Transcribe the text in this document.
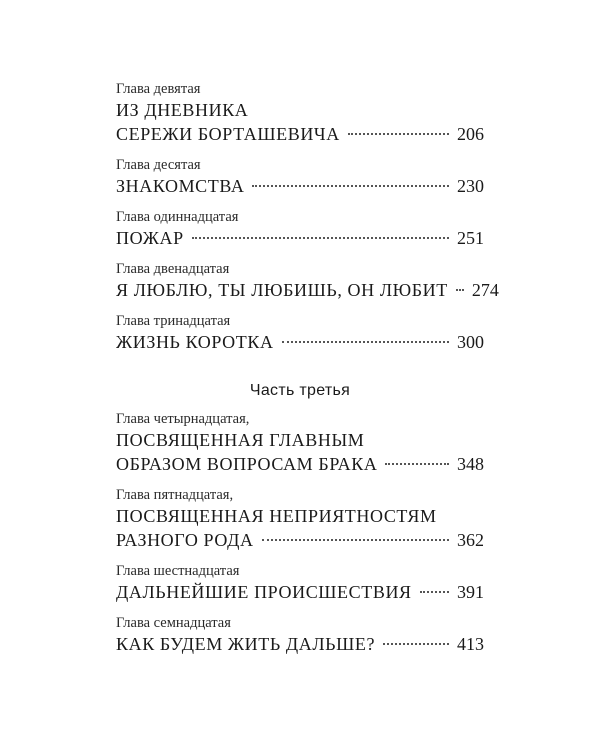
Глава девятая
ИЗ ДНЕВНИКА
СЕРЕЖИ БОРТАШЕВИЧА	206
Глава десятая
ЗНАКОМСТВА	230
Глава одиннадцатая
ПОЖАР	251
Глава двенадцатая
Я ЛЮБЛЮ, ТЫ ЛЮБИШЬ, ОН ЛЮБИТ 274
Глава тринадцатая
ЖИЗНЬ КОРОТКА	300
Часть третья
Глава четырнадцатая,
ПОСВЯЩЕННАЯ ГЛАВНЫМ
ОБРАЗОМ ВОПРОСАМ БРАКА	348
Глава пятнадцатая,
ПОСВЯЩЕННАЯ НЕПРИЯТНОСТЯМ
РАЗНОГО РОДА	362
Глава шестнадцатая
ДАЛЬНЕЙШИЕ ПРОИСШЕСТВИЯ	391
Глава семнадцатая
КАК БУДЕМ ЖИТЬ ДАЛЬШЕ?	413
